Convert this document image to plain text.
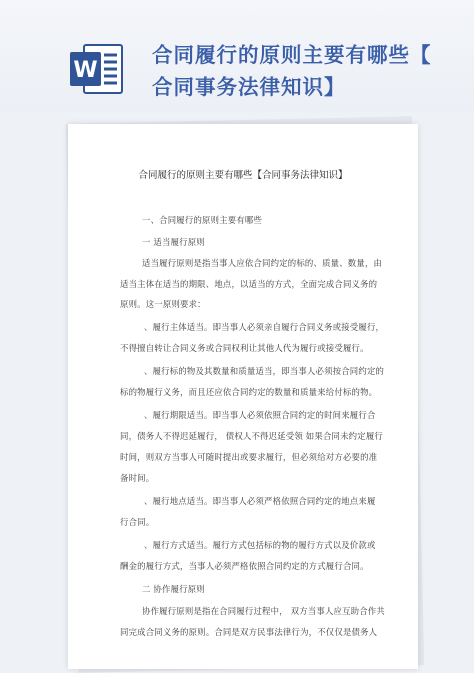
W
合同履行的原则主要有哪些【
合同事务法律知识】
合同履行的原则主要有哪些【合同事务法律知识】
一、合同履行的原则主要有哪些
一 适当履行原则
适当履行原则是指当事人应依合同约定的标的、质量、数量，由
适当主体在适当的期限、地点，以适当的方式，全面完成合同义务的
原则。这一原则要求：
、履行主体适当。即当事人必须亲自履行合同义务或接受履行，
不得擅自转让合同义务或合同权利让其他人代为履行或接受履行。
、履行标的物及其数量和质量适当，即当事人必须按合同约定的
标的物履行义务，而且还应依合同约定的数量和质量来给付标的物。
、履行期限适当。即当事人必须依照合同约定的时间来履行合
同，债务人不得迟延履行， 债权人不得迟延受领 如果合同未约定履行
时间，则双方当事人可随时提出或要求履行，但必须给对方必要的准
备时间。
、履行地点适当。即当事人必须严格依照合同约定的地点来履
行合同。
、履行方式适当。履行方式包括标的物的履行方式以及价款或
酬金的履行方式，当事人必须严格依照合同约定的方式履行合同。
二 协作履行原则
协作履行原则是指在合同履行过程中， 双方当事人应互助合作共
同完成合同义务的原则。合同是双方民事法律行为，不仅仅是债务人
